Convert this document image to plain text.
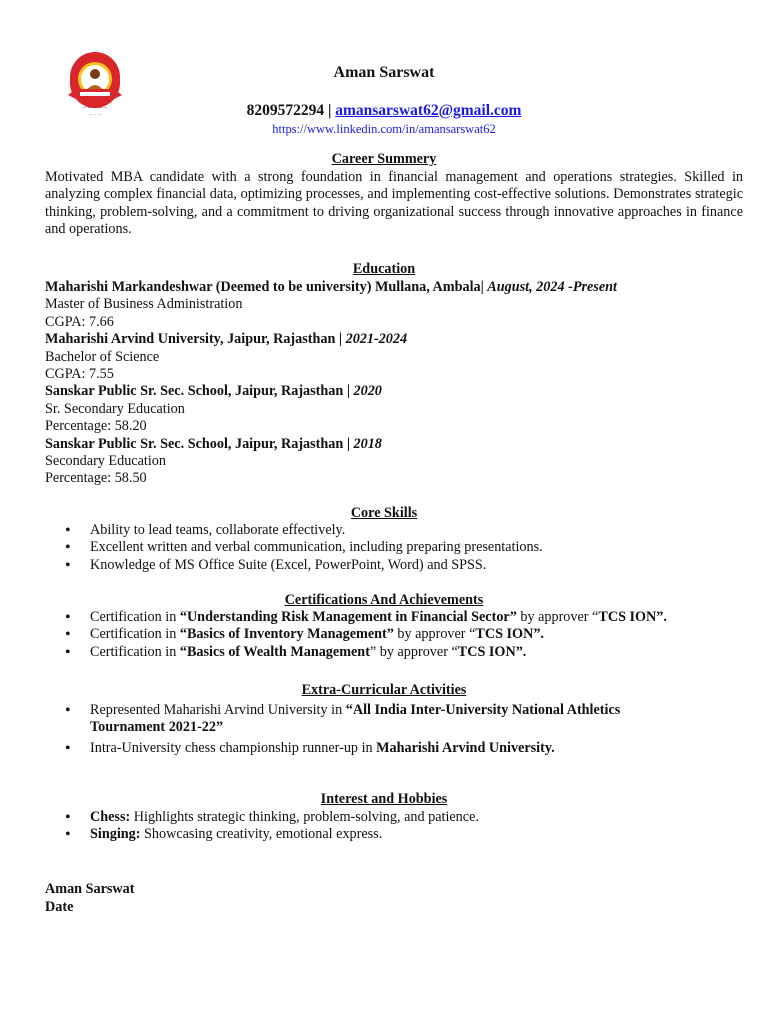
— — — — —
— — —
Aman Sarswat
8209572294 | amansarswat62@gmail.com
https://www.linkedin.com/in/amansarswat62
Career Summery
Motivated MBA candidate with a strong foundation in financial management and operations strategies. Skilled in analyzing complex financial data, optimizing processes, and implementing cost-effective solutions. Demonstrates strategic thinking, problem-solving, and a commitment to driving organizational success through innovative approaches in finance and operations.
Education
Maharishi Markandeshwar (Deemed to be university) Mullana, Ambala| August, 2024 -Present
Master of Business Administration
CGPA: 7.66
Maharishi Arvind University, Jaipur, Rajasthan | 2021-2024
Bachelor of Science
CGPA: 7.55
Sanskar Public Sr. Sec. School, Jaipur, Rajasthan | 2020
Sr. Secondary Education
Percentage: 58.20
Sanskar Public Sr. Sec. School, Jaipur, Rajasthan | 2018
Secondary Education
Percentage: 58.50
Core Skills
• Ability to lead teams, collaborate effectively.
• Excellent written and verbal communication, including preparing presentations.
• Knowledge of MS Office Suite (Excel, PowerPoint, Word) and SPSS.
Certifications And Achievements
• Certification in “Understanding Risk Management in Financial Sector” by approver “TCS ION”.
• Certification in “Basics of Inventory Management” by approver “TCS ION”.
• Certification in “Basics of Wealth Management” by approver “TCS ION”.
Extra-Curricular Activities
• Represented Maharishi Arvind University in “All India Inter-University National Athletics
Tournament 2021-22”
• Intra-University chess championship runner-up in Maharishi Arvind University.
Interest and Hobbies
• Chess: Highlights strategic thinking, problem-solving, and patience.
• Singing: Showcasing creativity, emotional express.
Aman Sarswat
Date
